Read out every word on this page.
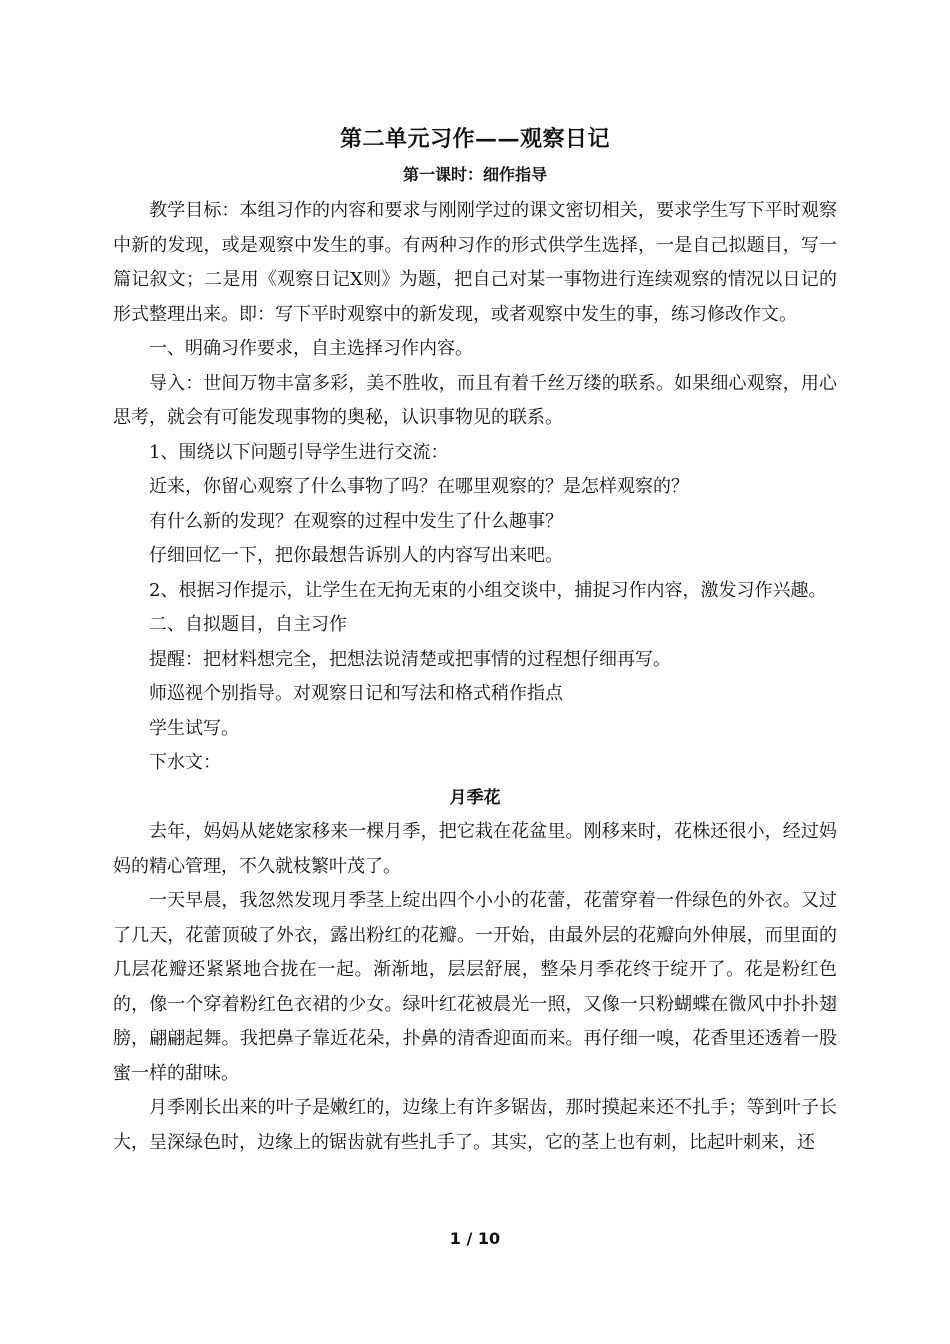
第二单元习作——观察日记
第一课时：细作指导

教学目标：本组习作的内容和要求与刚刚学过的课文密切相关，要求学生写下平时观察中新的发现，或是观察中发生的事。有两种习作的形式供学生选择，一是自己拟题目，写一篇记叙文；二是用《观察日记X则》为题，把自己对某一事物进行连续观察的情况以日记的形式整理出来。即：写下平时观察中的新发现，或者观察中发生的事，练习修改作文。

一、明确习作要求，自主选择习作内容。

导入：世间万物丰富多彩，美不胜收，而且有着千丝万缕的联系。如果细心观察，用心思考，就会有可能发现事物的奥秘，认识事物见的联系。

1、围绕以下问题引导学生进行交流：

近来，你留心观察了什么事物了吗？在哪里观察的？是怎样观察的？

有什么新的发现？在观察的过程中发生了什么趣事？

仔细回忆一下，把你最想告诉别人的内容写出来吧。

2、根据习作提示，让学生在无拘无束的小组交谈中，捕捉习作内容，激发习作兴趣。

二、自拟题目，自主习作

提醒：把材料想完全，把想法说清楚或把事情的过程想仔细再写。

师巡视个别指导。对观察日记和写法和格式稍作指点

学生试写。

下水文：

月季花

去年，妈妈从姥姥家移来一棵月季，把它栽在花盆里。刚移来时，花株还很小，经过妈妈的精心管理，不久就枝繁叶茂了。

一天早晨，我忽然发现月季茎上绽出四个小小的花蕾，花蕾穿着一件绿色的外衣。又过了几天，花蕾顶破了外衣，露出粉红的花瓣。一开始，由最外层的花瓣向外伸展，而里面的几层花瓣还紧紧地合拢在一起。渐渐地，层层舒展，整朵月季花终于绽开了。花是粉红色的，像一个穿着粉红色衣裙的少女。绿叶红花被晨光一照，又像一只粉蝴蝶在微风中扑扑翅膀，翩翩起舞。我把鼻子靠近花朵，扑鼻的清香迎面而来。再仔细一嗅，花香里还透着一股蜜一样的甜味。

月季刚长出来的叶子是嫩红的，边缘上有许多锯齿，那时摸起来还不扎手；等到叶子长大，呈深绿色时，边缘上的锯齿就有些扎手了。其实，它的茎上也有刺，比起叶刺来，还

1 / 10
